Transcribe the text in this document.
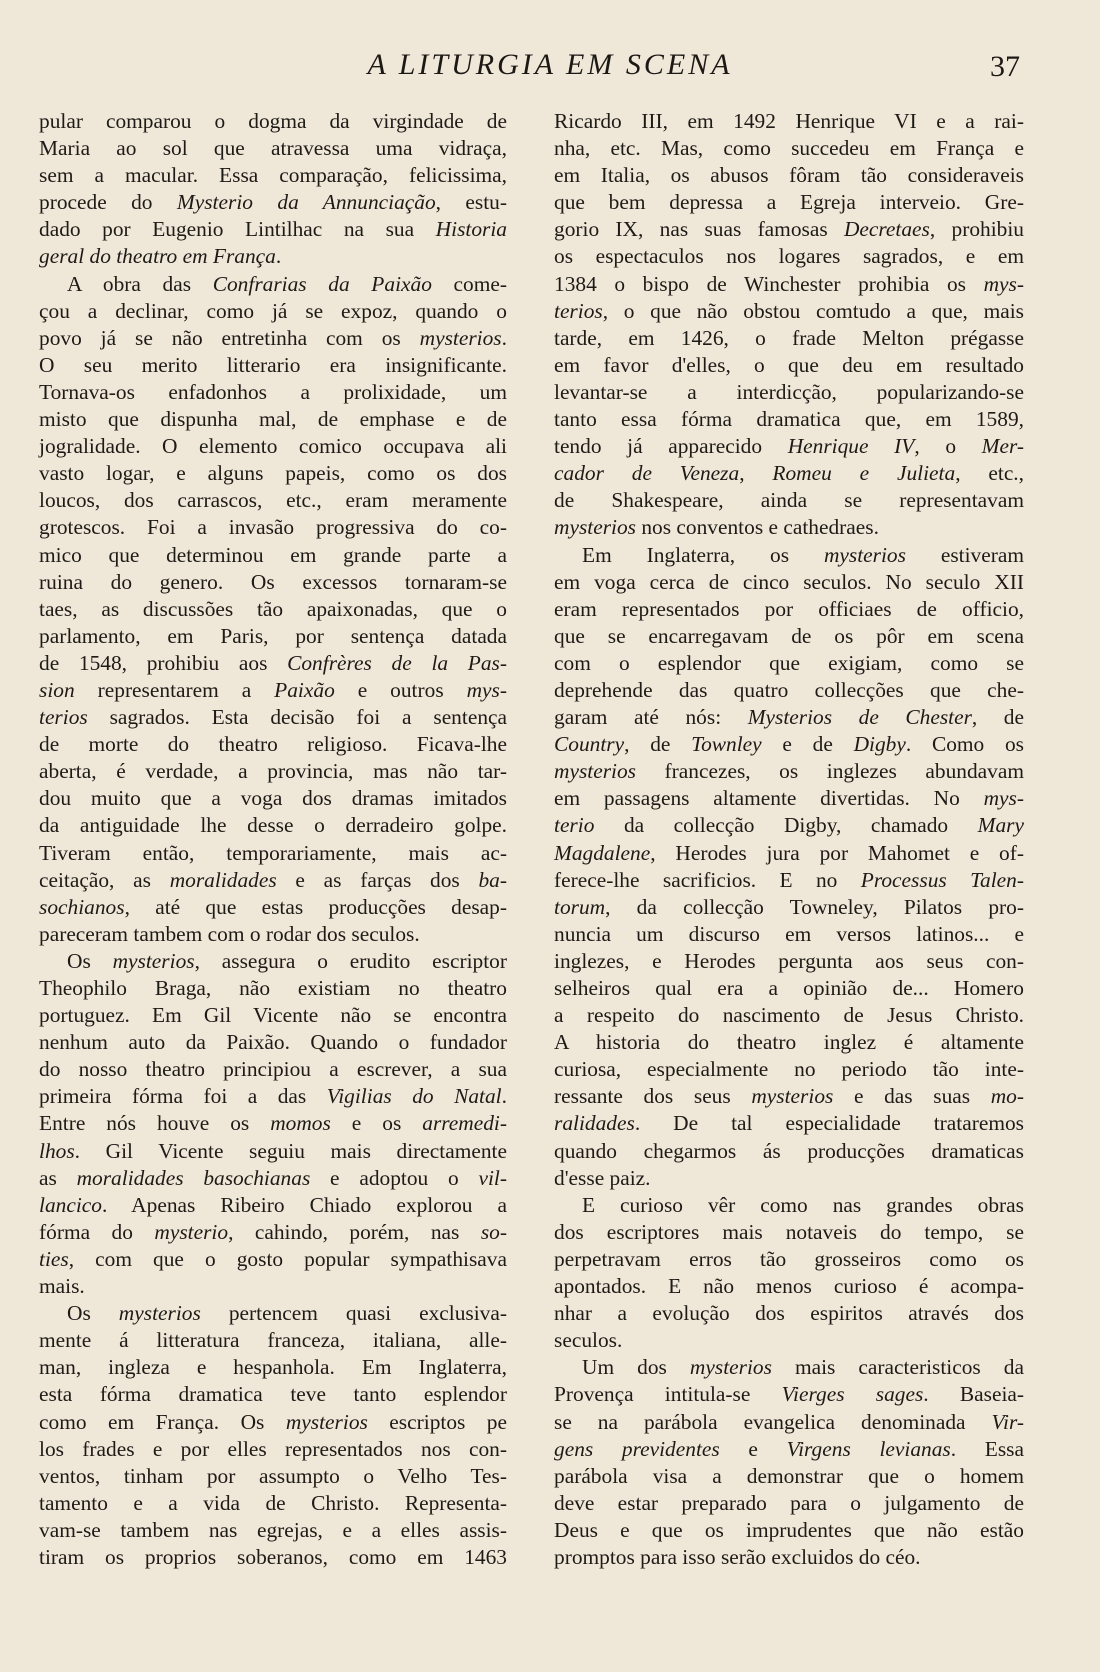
A LITURGIA EM SCENA	37
pular comparou o dogma da virgindade de
Maria ao sol que atravessa uma vidraça,
sem a macular. Essa comparação, felicissima,
procede do Mysterio da Annunciação, estu-
dado por Eugenio Lintilhac na sua Historia
geral do theatro em França.
A obra das Confrarias da Paixão come-
çou a declinar, como já se expoz, quando o
povo já se não entretinha com os mysterios.
O seu merito litterario era insignificante.
Tornava-os enfadonhos a prolixidade, um
misto que dispunha mal, de emphase e de
jogralidade. O elemento comico occupava ali
vasto logar, e alguns papeis, como os dos
loucos, dos carrascos, etc., eram meramente
grotescos. Foi a invasão progressiva do co-
mico que determinou em grande parte a
ruina do genero. Os excessos tornaram-se
taes, as discussões tão apaixonadas, que o
parlamento, em Paris, por sentença datada
de 1548, prohibiu aos Confrères de la Pas-
sion representarem a Paixão e outros mys-
terios sagrados. Esta decisão foi a sentença
de morte do theatro religioso. Ficava-lhe
aberta, é verdade, a provincia, mas não tar-
dou muito que a voga dos dramas imitados
da antiguidade lhe desse o derradeiro golpe.
Tiveram então, temporariamente, mais ac-
ceitação, as moralidades e as farças dos ba-
sochianos, até que estas producções desap-
pareceram tambem com o rodar dos seculos.
Os mysterios, assegura o erudito escriptor
Theophilo Braga, não existiam no theatro
portuguez. Em Gil Vicente não se encontra
nenhum auto da Paixão. Quando o fundador
do nosso theatro principiou a escrever, a sua
primeira fórma foi a das Vigilias do Natal.
Entre nós houve os momos e os arremedi-
lhos. Gil Vicente seguiu mais directamente
as moralidades basochianas e adoptou o vil-
lancico. Apenas Ribeiro Chiado explorou a
fórma do mysterio, cahindo, porém, nas so-
ties, com que o gosto popular sympathisava
mais.
Os mysterios pertencem quasi exclusiva-
mente á litteratura franceza, italiana, alle-
man, ingleza e hespanhola. Em Inglaterra,
esta fórma dramatica teve tanto esplendor
como em França. Os mysterios escriptos pe
los frades e por elles representados nos con-
ventos, tinham por assumpto o Velho Tes-
tamento e a vida de Christo. Representa-
vam-se tambem nas egrejas, e a elles assis-
tiram os proprios soberanos, como em 1463
Ricardo III, em 1492 Henrique VI e a rai-
nha, etc. Mas, como succedeu em França e
em Italia, os abusos fôram tão consideraveis
que bem depressa a Egreja interveio. Gre-
gorio IX, nas suas famosas Decretaes, prohibiu
os espectaculos nos logares sagrados, e em
1384 o bispo de Winchester prohibia os mys-
terios, o que não obstou comtudo a que, mais
tarde, em 1426, o frade Melton prégasse
em favor d'elles, o que deu em resultado
levantar-se a interdicção, popularizando-se
tanto essa fórma dramatica que, em 1589,
tendo já apparecido Henrique IV, o Mer-
cador de Veneza, Romeu e Julieta, etc.,
de Shakespeare, ainda se representavam
mysterios nos conventos e cathedraes.
Em Inglaterra, os mysterios estiveram
em voga cerca de cinco seculos. No seculo XII
eram representados por officiaes de officio,
que se encarregavam de os pôr em scena
com o esplendor que exigiam, como se
deprehende das quatro collecções que che-
garam até nós: Mysterios de Chester, de
Country, de Townley e de Digby. Como os
mysterios francezes, os inglezes abundavam
em passagens altamente divertidas. No mys-
terio da collecção Digby, chamado Mary
Magdalene, Herodes jura por Mahomet e of-
ferece-lhe sacrificios. E no Processus Talen-
torum, da collecção Towneley, Pilatos pro-
nuncia um discurso em versos latinos... e
inglezes, e Herodes pergunta aos seus con-
selheiros qual era a opinião de... Homero
a respeito do nascimento de Jesus Christo.
A historia do theatro inglez é altamente
curiosa, especialmente no periodo tão inte-
ressante dos seus mysterios e das suas mo-
ralidades. De tal especialidade trataremos
quando chegarmos ás producções dramaticas
d'esse paiz.
E curioso vêr como nas grandes obras
dos escriptores mais notaveis do tempo, se
perpetravam erros tão grosseiros como os
apontados. E não menos curioso é acompa-
nhar a evolução dos espiritos através dos
seculos.
Um dos mysterios mais caracteristicos da
Provença intitula-se Vierges sages. Baseia-
se na parábola evangelica denominada Vir-
gens previdentes e Virgens levianas. Essa
parábola visa a demonstrar que o homem
deve estar preparado para o julgamento de
Deus e que os imprudentes que não estão
promptos para isso serão excluidos do céo.
